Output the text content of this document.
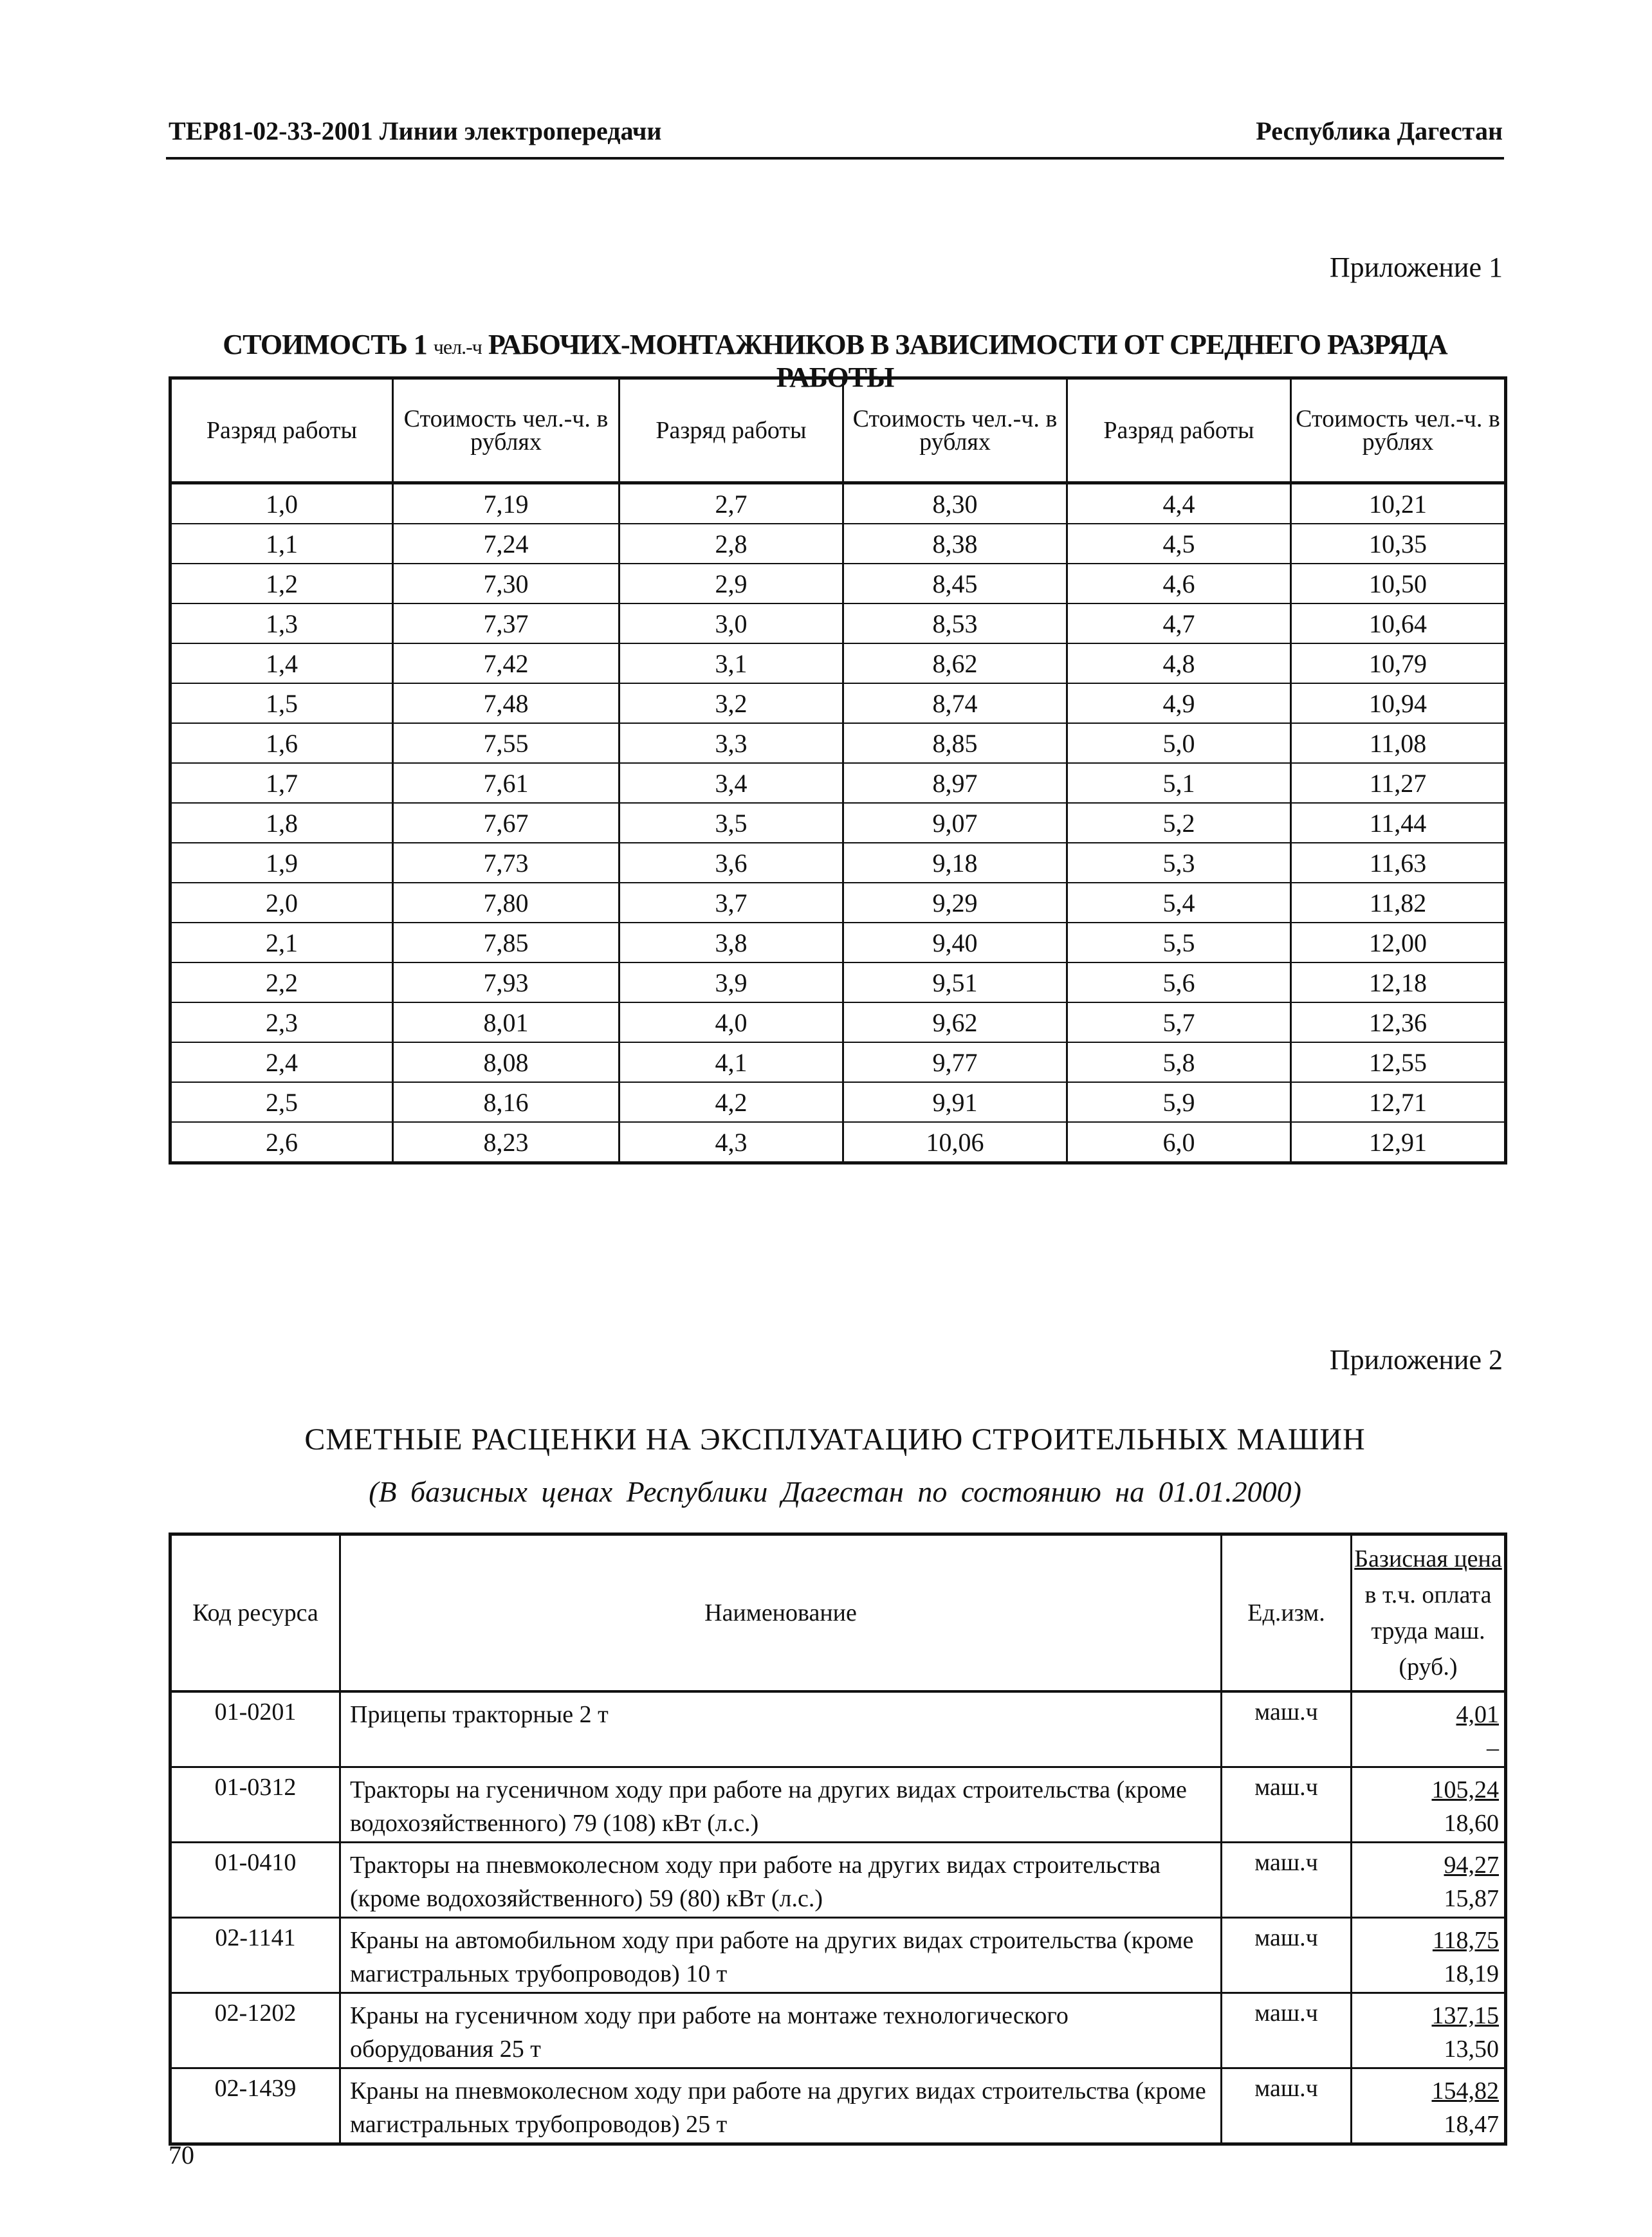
ТЕР81-02-33-2001 Линии электропередачи	Республика Дагестан
Приложение 1
СТОИМОСТЬ 1 чел.-ч РАБОЧИХ-МОНТАЖНИКОВ В ЗАВИСИМОСТИ ОТ СРЕДНЕГО РАЗРЯДА РАБОТЫ
Разряд работы	Стоимость чел.-ч. в рублях	Разряд работы	Стоимость чел.-ч. в рублях	Разряд работы	Стоимость чел.-ч. в рублях
1,0	7,19	2,7	8,30	4,4	10,21
1,1	7,24	2,8	8,38	4,5	10,35
1,2	7,30	2,9	8,45	4,6	10,50
1,3	7,37	3,0	8,53	4,7	10,64
1,4	7,42	3,1	8,62	4,8	10,79
1,5	7,48	3,2	8,74	4,9	10,94
1,6	7,55	3,3	8,85	5,0	11,08
1,7	7,61	3,4	8,97	5,1	11,27
1,8	7,67	3,5	9,07	5,2	11,44
1,9	7,73	3,6	9,18	5,3	11,63
2,0	7,80	3,7	9,29	5,4	11,82
2,1	7,85	3,8	9,40	5,5	12,00
2,2	7,93	3,9	9,51	5,6	12,18
2,3	8,01	4,0	9,62	5,7	12,36
2,4	8,08	4,1	9,77	5,8	12,55
2,5	8,16	4,2	9,91	5,9	12,71
2,6	8,23	4,3	10,06	6,0	12,91
Приложение 2
СМЕТНЫЕ РАСЦЕНКИ НА ЭКСПЛУАТАЦИЮ СТРОИТЕЛЬНЫХ МАШИН
(В базисных ценах Республики Дагестан по состоянию на 01.01.2000)
Код ресурса	Наименование	Ед.изм.	Базисная цена
в т.ч. оплата
труда маш.
(руб.)

01-0201	Прицепы тракторные 2 т	маш.ч	4,01
–

01-0312	Тракторы на гусеничном ходу при работе на других видах строительства (кроме водохозяйственного) 79 (108) кВт (л.с.)	маш.ч	105,24
18,60

01-0410	Тракторы на пневмоколесном ходу при работе на других видах строительства (кроме водохозяйственного) 59 (80) кВт (л.с.)	маш.ч	94,27
15,87

02-1141	Краны на автомобильном ходу при работе на других видах строительства (кроме магистральных трубопроводов) 10 т	маш.ч	118,75
18,19

02-1202	Краны на гусеничном ходу при работе на монтаже технологического оборудования 25 т	маш.ч	137,15
13,50

02-1439	Краны на пневмоколесном ходу при работе на других видах строительства (кроме магистральных трубопроводов) 25 т	маш.ч	154,82
18,47
70
